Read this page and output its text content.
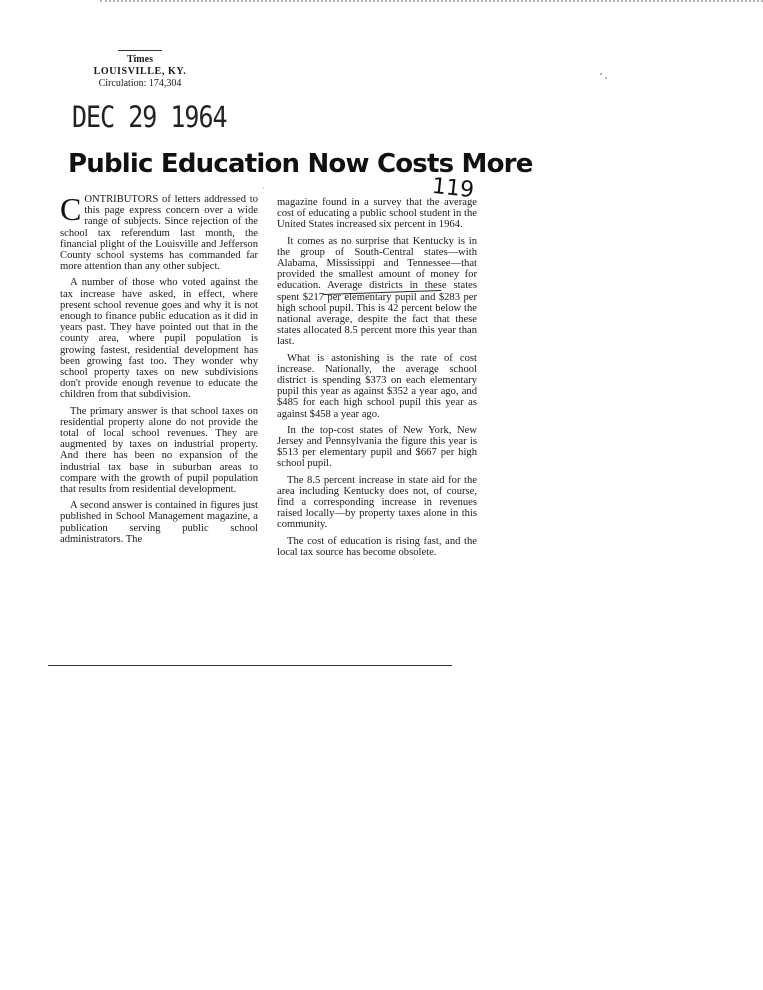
Times
LOUISVILLE, KY.
Circulation: 174,304
DEC 29 1964
Public Education Now Costs More
119
·

CONTRIBUTORS of letters addressed to this page express concern over a wide range of subjects. Since rejection of the school tax referendum last month, the financial plight of the Louisville and Jefferson County school systems has commanded far more attention than any other subject.

A number of those who voted against the tax increase have asked, in effect, where present school revenue goes and why it is not enough to finance public education as it did in years past. They have pointed out that in the county area, where pupil population is growing fastest, residential development has been growing fast too. They wonder why school property taxes on new subdivisions don't provide enough revenue to educate the children from that subdivision.

The primary answer is that school taxes on residential property alone do not provide the total of local school revenues. They are augmented by taxes on industrial property. And there has been no expansion of the industrial tax base in suburban areas to compare with the growth of pupil population that results from residential development.

A second answer is contained in figures just published in School Management magazine, a publication serving public school administrators. The

magazine found in a survey that the average cost of educating a public school student in the United States increased six percent in 1964.

It comes as no surprise that Kentucky is in the group of South-Central states—with Alabama, Mississippi and Tennessee—that provided the smallest amount of money for education. Average districts in these states spent $217 per elementary pupil and $283 per high school pupil. This is 42 percent below the national average, despite the fact that these states allocated 8.5 percent more this year than last.

What is astonishing is the rate of cost increase. Nationally, the average school district is spending $373 on each elementary pupil this year as against $352 a year ago, and $485 for each high school pupil this year as against $458 a year ago.

In the top-cost states of New York, New Jersey and Pennsylvania the figure this year is $513 per elementary pupil and $667 per high school pupil.

The 8.5 percent increase in state aid for the area including Kentucky does not, of course, find a corresponding increase in revenues raised locally—by property taxes alone in this community.

The cost of education is rising fast, and the local tax source has become obsolete.
